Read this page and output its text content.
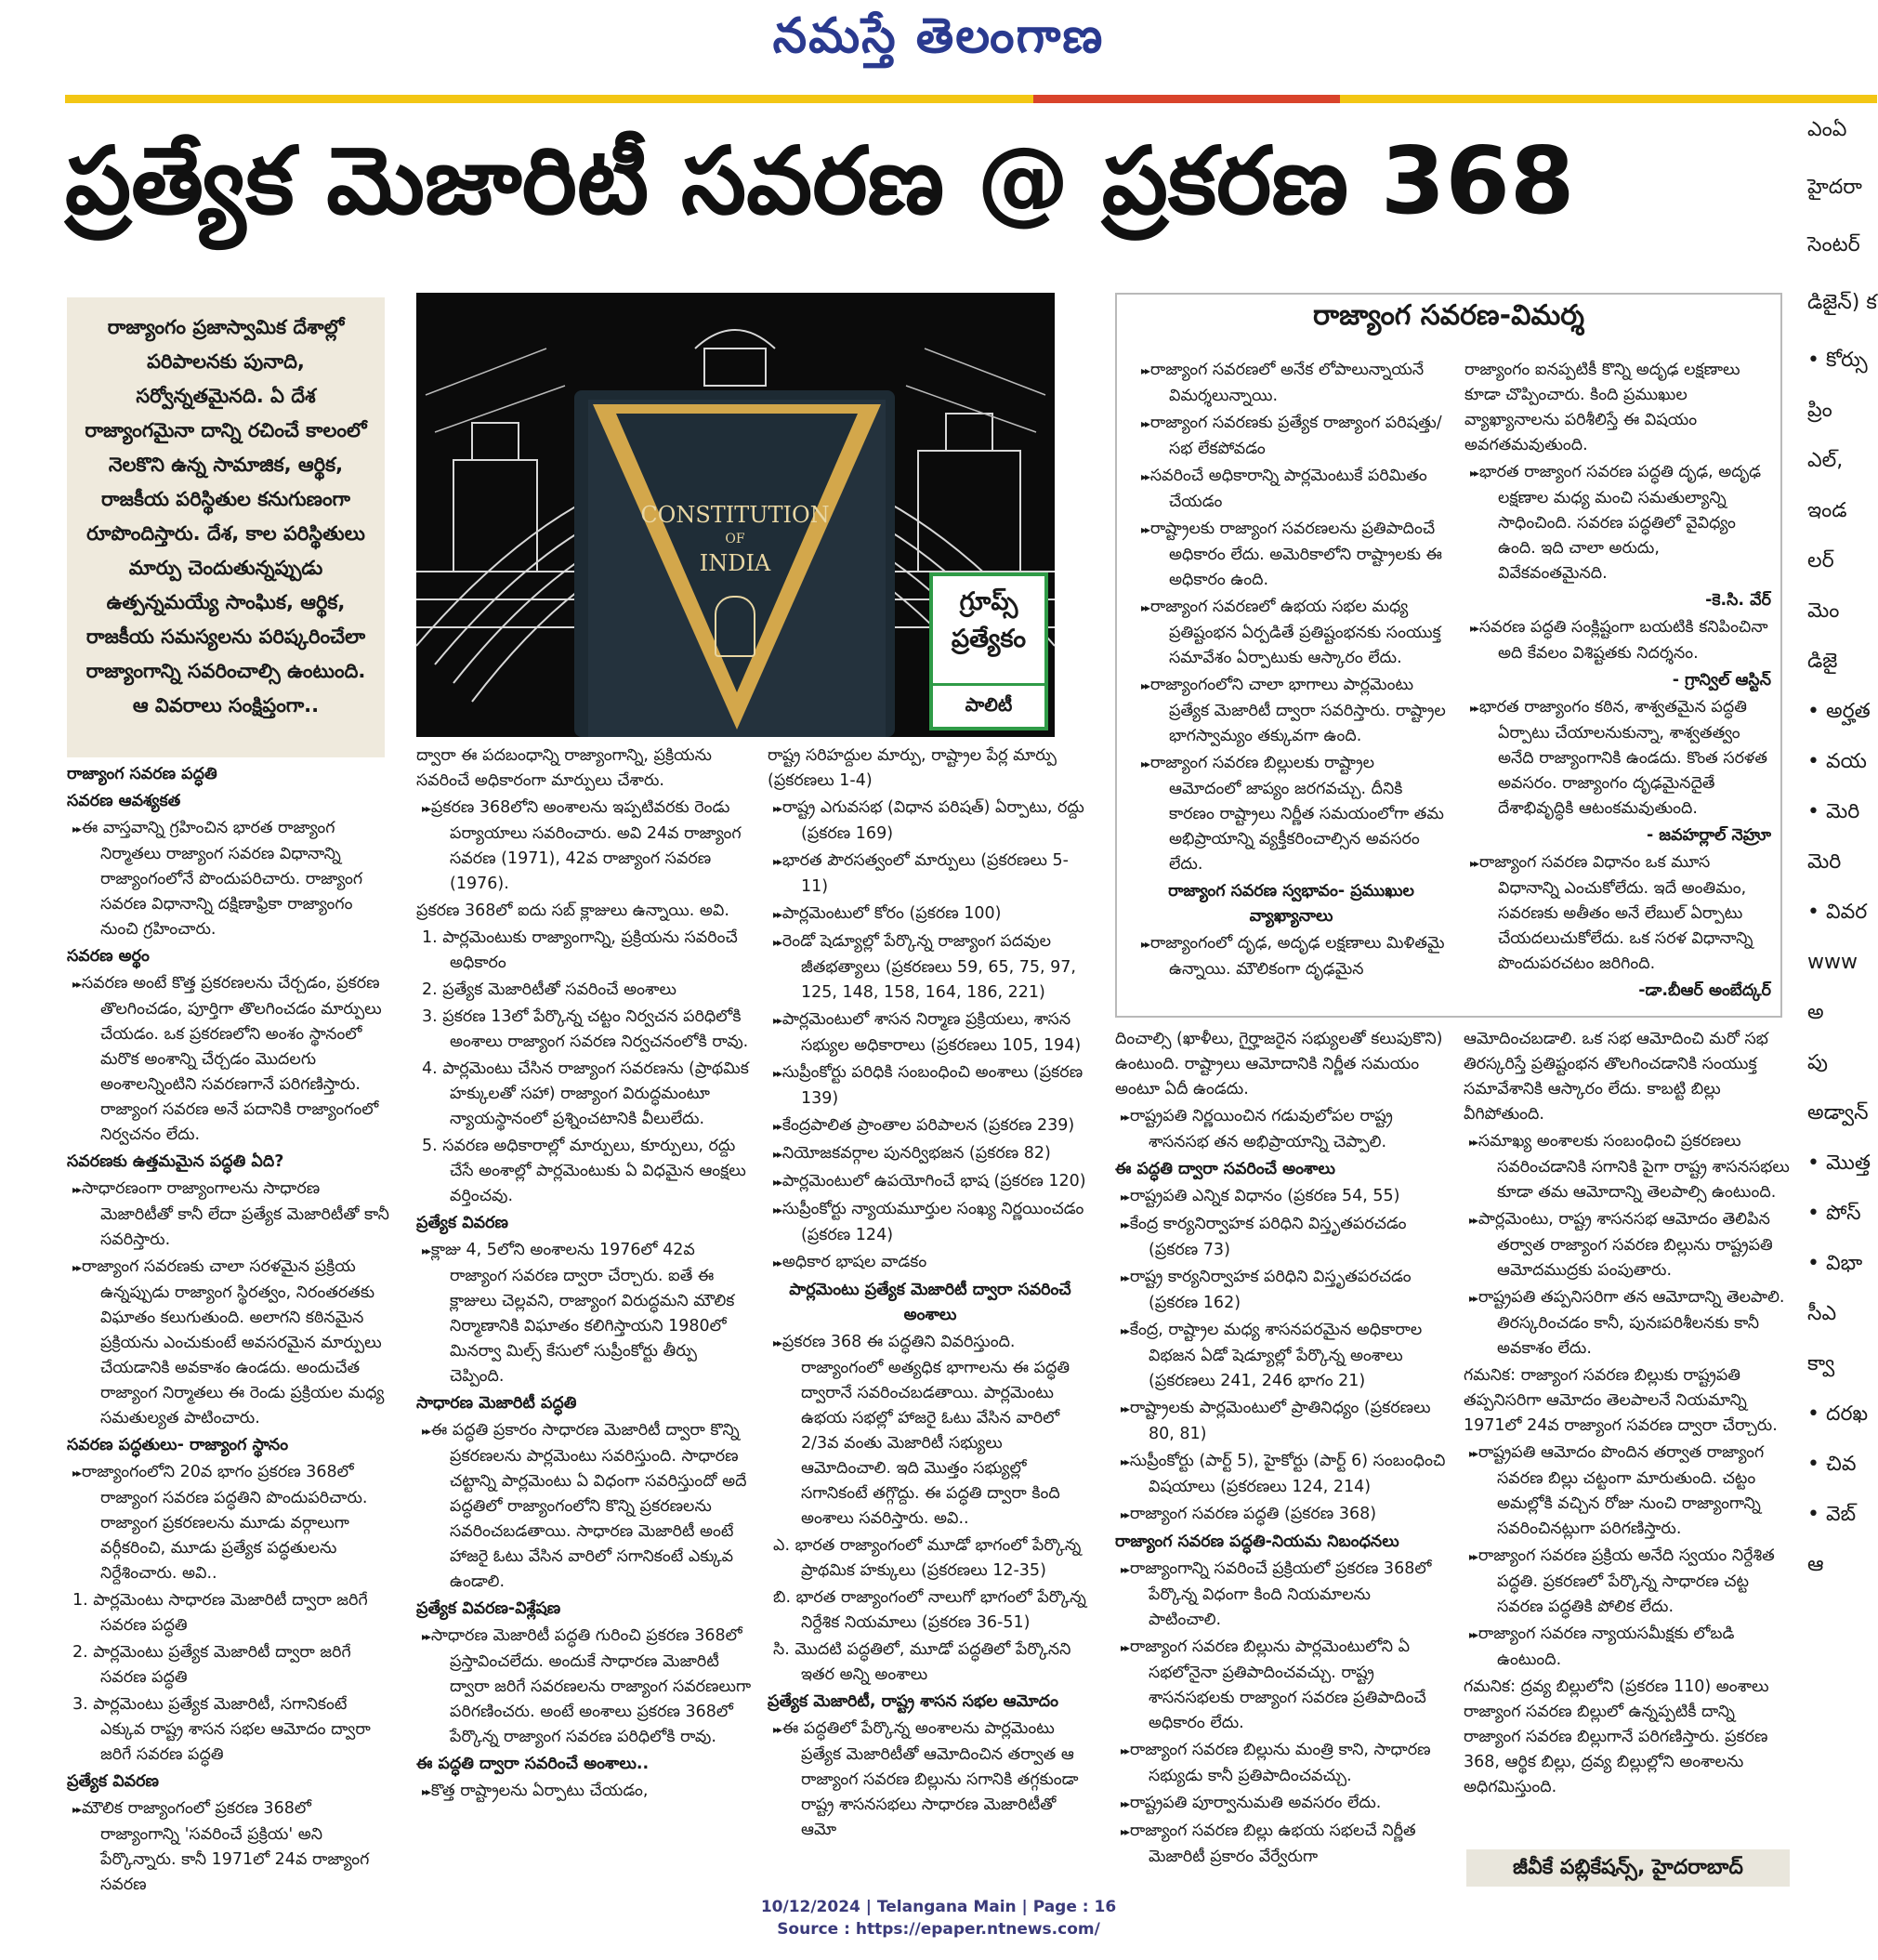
నమస్తే తెలంగాణ
ప్రత్యేక మెజారిటీ సవరణ @ ప్రకరణ 368
రాజ్యాంగం ప్రజాస్వామిక దేశాల్లో పరిపాలనకు పునాది, సర్వోన్నతమైనది. ఏ దేశ రాజ్యాంగమైనా దాన్ని రచించే కాలంలో నెలకొని ఉన్న సామాజిక, ఆర్థిక, రాజకీయ పరిస్థితుల కనుగుణంగా రూపొందిస్తారు. దేశ, కాల పరిస్థితులు మార్పు చెందుతున్నప్పుడు ఉత్పన్నమయ్యే సాంఘిక, ఆర్థిక, రాజకీయ సమస్యలను పరిష్కరించేలా రాజ్యాంగాన్ని సవరించాల్సి ఉంటుంది. ఆ వివరాలు సంక్షిప్తంగా..
CONSTITUTION
OF
INDIA
గ్రూప్స్ ప్రత్యేకం
పాలిటీ

రాజ్యాంగ సవరణ పద్ధతి

సవరణ ఆవశ్యకత

▸▸ ఈ వాస్తవాన్ని గ్రహించిన భారత రాజ్యాంగ నిర్మాతలు రాజ్యాంగ సవరణ విధానాన్ని రాజ్యాంగంలోనే పొందుపరిచారు. రాజ్యాంగ సవరణ విధానాన్ని దక్షిణాఫ్రికా రాజ్యాంగం నుంచి గ్రహించారు.

సవరణ అర్థం

▸▸ సవరణ అంటే కొత్త ప్రకరణలను చేర్చడం, ప్రకరణ తొలగించడం, పూర్తిగా తొలగించడం మార్పులు చేయడం. ఒక ప్రకరణలోని అంశం స్థానంలో మరొక అంశాన్ని చేర్చడం మొదలగు అంశాలన్నింటిని సవరణగానే పరిగణిస్తారు. రాజ్యాంగ సవరణ అనే పదానికి రాజ్యాంగంలో నిర్వచనం లేదు.

సవరణకు ఉత్తమమైన పద్ధతి ఏది?

▸▸ సాధారణంగా రాజ్యాంగాలను సాధారణ మెజారిటీతో కానీ లేదా ప్రత్యేక మెజారిటీతో కానీ సవరిస్తారు.

▸▸ రాజ్యాంగ సవరణకు చాలా సరళమైన ప్రక్రియ ఉన్నప్పుడు రాజ్యాంగ స్థిరత్వం, నిరంతరతకు విఘాతం కలుగుతుంది. అలాగని కఠినమైన ప్రక్రియను ఎంచుకుంటే అవసరమైన మార్పులు చేయడానికి అవకాశం ఉండదు. అందుచేత రాజ్యాంగ నిర్మాతలు ఈ రెండు ప్రక్రియల మధ్య సమతుల్యత పాటించారు.

సవరణ పద్ధతులు- రాజ్యాంగ స్థానం

▸▸ రాజ్యాంగంలోని 20వ భాగం ప్రకరణ 368లో రాజ్యాంగ సవరణ పద్ధతిని పొందుపరిచారు. రాజ్యాంగ ప్రకరణలను మూడు వర్గాలుగా వర్గీకరించి, మూడు ప్రత్యేక పద్ధతులను నిర్దేశించారు. అవి..

1. పార్లమెంటు సాధారణ మెజారిటీ ద్వారా జరిగే సవరణ పద్ధతి

2. పార్లమెంటు ప్రత్యేక మెజారిటీ ద్వారా జరిగే సవరణ పద్ధతి

3. పార్లమెంటు ప్రత్యేక మెజారిటీ, సగానికంటే ఎక్కువ రాష్ట్ర శాసన సభల ఆమోదం ద్వారా జరిగే సవరణ పద్ధతి

ప్రత్యేక వివరణ

▸▸ మౌలిక రాజ్యాంగంలో ప్రకరణ 368లో రాజ్యాంగాన్ని 'సవరించే ప్రక్రియ' అని పేర్కొన్నారు. కానీ 1971లో 24వ రాజ్యాంగ సవరణ

ద్వారా ఈ పదబంధాన్ని రాజ్యాంగాన్ని, ప్రక్రియను సవరించే అధికారంగా మార్పులు చేశారు.

▸▸ ప్రకరణ 368లోని అంశాలను ఇప్పటివరకు రెండు పర్యాయాలు సవరించారు. అవి 24వ రాజ్యాంగ సవరణ (1971), 42వ రాజ్యాంగ సవరణ (1976).

ప్రకరణ 368లో ఐదు సబ్ క్లాజులు ఉన్నాయి. అవి.

1. పార్లమెంటుకు రాజ్యాంగాన్ని, ప్రక్రియను సవరించే అధికారం

2. ప్రత్యేక మెజారిటీతో సవరించే అంశాలు

3. ప్రకరణ 13లో పేర్కొన్న చట్టం నిర్వచన పరిధిలోకి అంశాలు రాజ్యాంగ సవరణ నిర్వచనంలోకి రావు.

4. పార్లమెంటు చేసిన రాజ్యాంగ సవరణను (ప్రాథమిక హక్కులతో సహా) రాజ్యాంగ విరుద్ధమంటూ న్యాయస్థానంలో ప్రశ్నించటానికి వీలులేదు.

5. సవరణ అధికారాల్లో మార్పులు, కూర్పులు, రద్దు చేసే అంశాల్లో పార్లమెంటుకు ఏ విధమైన ఆంక్షలు వర్తించవు.

ప్రత్యేక వివరణ

▸▸ క్లాజు 4, 5లోని అంశాలను 1976లో 42వ రాజ్యాంగ సవరణ ద్వారా చేర్చారు. ఐతే ఈ క్లాజులు చెల్లవని, రాజ్యాంగ విరుద్ధమని మౌలిక నిర్మాణానికి విఘాతం కలిగిస్తాయని 1980లో మినర్వా మిల్స్ కేసులో సుప్రీంకోర్టు తీర్పు చెప్పింది.

సాధారణ మెజారిటీ పద్ధతి

▸▸ ఈ పద్ధతి ప్రకారం సాధారణ మెజారిటీ ద్వారా కొన్ని ప్రకరణలను పార్లమెంటు సవరిస్తుంది. సాధారణ చట్టాన్ని పార్లమెంటు ఏ విధంగా సవరిస్తుందో అదే పద్ధతిలో రాజ్యాంగంలోని కొన్ని ప్రకరణలను సవరించబడతాయి. సాధారణ మెజారిటీ అంటే హాజరై ఓటు వేసిన వారిలో సగానికంటే ఎక్కువ ఉండాలి.

ప్రత్యేక వివరణ-విశ్లేషణ

▸▸ సాధారణ మెజారిటీ పద్ధతి గురించి ప్రకరణ 368లో ప్రస్తావించలేదు. అందుకే సాధారణ మెజారిటీ ద్వారా జరిగే సవరణలను రాజ్యాంగ సవరణలుగా పరిగణించరు. అంటే అంశాలు ప్రకరణ 368లో పేర్కొన్న రాజ్యాంగ సవరణ పరిధిలోకి రావు.

ఈ పద్ధతి ద్వారా సవరించే అంశాలు..

▸▸ కొత్త రాష్ట్రాలను ఏర్పాటు చేయడం,

రాష్ట్ర సరిహద్దుల మార్పు, రాష్ట్రాల పేర్ల మార్పు (ప్రకరణలు 1-4)

▸▸ రాష్ట్ర ఎగువసభ (విధాన పరిషత్) ఏర్పాటు, రద్దు (ప్రకరణ 169)

▸▸ భారత పౌరసత్వంలో మార్పులు (ప్రకరణలు 5-11)

▸▸ పార్లమెంటులో కోరం (ప్రకరణ 100)

▸▸ రెండో షెడ్యూల్లో పేర్కొన్న రాజ్యాంగ పదవుల జీతభత్యాలు (ప్రకరణలు 59, 65, 75, 97, 125, 148, 158, 164, 186, 221)

▸▸ పార్లమెంటులో శాసన నిర్మాణ ప్రక్రియలు, శాసన సభ్యుల అధికారాలు (ప్రకరణలు 105, 194)

▸▸ సుప్రీంకోర్టు పరిధికి సంబంధించి అంశాలు (ప్రకరణ 139)

▸▸ కేంద్రపాలిత ప్రాంతాల పరిపాలన (ప్రకరణ 239)

▸▸ నియోజకవర్గాల పునర్విభజన (ప్రకరణ 82)

▸▸ పార్లమెంటులో ఉపయోగించే భాష (ప్రకరణ 120)

▸▸ సుప్రీంకోర్టు న్యాయమూర్తుల సంఖ్య నిర్ణయించడం (ప్రకరణ 124)

▸▸ అధికార భాషల వాడకం

పార్లమెంటు ప్రత్యేక మెజారిటీ ద్వారా సవరించే అంశాలు

▸▸ ప్రకరణ 368 ఈ పద్ధతిని వివరిస్తుంది. రాజ్యాంగంలో అత్యధిక భాగాలను ఈ పద్ధతి ద్వారానే సవరించబడతాయి. పార్లమెంటు ఉభయ సభల్లో హాజరై ఓటు వేసిన వారిలో 2/3వ వంతు మెజారిటీ సభ్యులు ఆమోదించాలి. ఇది మొత్తం సభ్యుల్లో సగానికంటే తగ్గొద్దు. ఈ పద్ధతి ద్వారా కింది అంశాలు సవరిస్తారు. అవి..

ఎ. భారత రాజ్యాంగంలో మూడో భాగంలో పేర్కొన్న ప్రాథమిక హక్కులు (ప్రకరణలు 12-35)

బి. భారత రాజ్యాంగంలో నాలుగో భాగంలో పేర్కొన్న నిర్దేశిక నియమాలు (ప్రకరణ 36-51)

సి. మొదటి పద్ధతిలో, మూడో పద్ధతిలో పేర్కొనని ఇతర అన్ని అంశాలు

ప్రత్యేక మెజారిటీ, రాష్ట్ర శాసన సభల ఆమోదం

▸▸ ఈ పద్ధతిలో పేర్కొన్న అంశాలను పార్లమెంటు ప్రత్యేక మెజారిటీతో ఆమోదించిన తర్వాత ఆ రాజ్యాంగ సవరణ బిల్లును సగానికి తగ్గకుండా రాష్ట్ర శాసనసభలు సాధారణ మెజారిటీతో ఆమో

రాజ్యాంగ సవరణ-విమర్శ

▸▸ రాజ్యాంగ సవరణలో అనేక లోపాలున్నాయనే విమర్శలున్నాయి.

▸▸ రాజ్యాంగ సవరణకు ప్రత్యేక రాజ్యాంగ పరిషత్తు/సభ లేకపోవడం

▸▸ సవరించే అధికారాన్ని పార్లమెంటుకే పరిమితం చేయడం

▸▸ రాష్ట్రాలకు రాజ్యాంగ సవరణలను ప్రతిపాదించే అధికారం లేదు. అమెరికాలోని రాష్ట్రాలకు ఈ అధికారం ఉంది.

▸▸ రాజ్యాంగ సవరణలో ఉభయ సభల మధ్య ప్రతిష్టంభన ఏర్పడితే ప్రతిష్టంభనకు సంయుక్త సమావేశం ఏర్పాటుకు ఆస్కారం లేదు.

▸▸ రాజ్యాంగంలోని చాలా భాగాలు పార్లమెంటు ప్రత్యేక మెజారిటీ ద్వారా సవరిస్తారు. రాష్ట్రాల భాగస్వామ్యం తక్కువగా ఉంది.

▸▸ రాజ్యాంగ సవరణ బిల్లులకు రాష్ట్రాల ఆమోదంలో జాప్యం జరగవచ్చు. దీనికి కారణం రాష్ట్రాలు నిర్ణీత సమయంలోగా తమ అభిప్రాయాన్ని వ్యక్తీకరించాల్సిన అవసరం లేదు.

రాజ్యాంగ సవరణ స్వభావం- ప్రముఖుల వ్యాఖ్యానాలు

▸▸ రాజ్యాంగంలో దృఢ, అదృఢ లక్షణాలు మిళితమై ఉన్నాయి. మౌలికంగా దృఢమైన

రాజ్యాంగం ఐనప్పటికీ కొన్ని అదృఢ లక్షణాలు కూడా చొప్పించారు. కింది ప్రముఖుల వ్యాఖ్యానాలను పరిశీలిస్తే ఈ విషయం అవగతమవుతుంది.

▸▸ భారత రాజ్యాంగ సవరణ పద్ధతి దృఢ, అదృఢ లక్షణాల మధ్య మంచి సమతుల్యాన్ని సాధించింది. సవరణ పద్ధతిలో వైవిధ్యం ఉంది. ఇది చాలా అరుదు, వివేకవంతమైనది.

-కె.సి. వేర్

▸▸ సవరణ పద్ధతి సంక్లిష్టంగా బయటికి కనిపించినా అది కేవలం విశిష్టతకు నిదర్శనం.

- గ్రాన్విల్ ఆస్టిన్

▸▸ భారత రాజ్యాంగం కఠిన, శాశ్వతమైన పద్ధతి ఏర్పాటు చేయాలనుకున్నా, శాశ్వతత్వం అనేది రాజ్యాంగానికి ఉండదు. కొంత సరళత అవసరం. రాజ్యాంగం దృఢమైనదైతే దేశాభివృద్ధికి ఆటంకమవుతుంది.

- జవహర్లాల్ నెహ్రూ

▸▸ రాజ్యాంగ సవరణ విధానం ఒక మూస విధానాన్ని ఎంచుకోలేదు. ఇదే అంతిమం, సవరణకు అతీతం అనే లేబుల్ ఏర్పాటు చేయదలుచుకోలేదు. ఒక సరళ విధానాన్ని పొందుపరచటం జరిగింది.

-డా.బీఆర్ అంబేద్కర్

దించాల్సి (ఖాళీలు, గైర్హాజరైన సభ్యులతో కలుపుకొని) ఉంటుంది. రాష్ట్రాలు ఆమోదానికి నిర్ణీత సమయం అంటూ ఏదీ ఉండదు.

▸▸ రాష్ట్రపతి నిర్ణయించిన గడువులోపల రాష్ట్ర శాసనసభ తన అభిప్రాయాన్ని చెప్పాలి.

ఈ పద్ధతి ద్వారా సవరించే అంశాలు

▸▸ రాష్ట్రపతి ఎన్నిక విధానం (ప్రకరణ 54, 55)

▸▸ కేంద్ర కార్యనిర్వాహక పరిధిని విస్తృతపరచడం (ప్రకరణ 73)

▸▸ రాష్ట్ర కార్యనిర్వాహక పరిధిని విస్తృతపరచడం (ప్రకరణ 162)

▸▸ కేంద్ర, రాష్ట్రాల మధ్య శాసనపరమైన అధికారాల విభజన ఏడో షెడ్యూల్లో పేర్కొన్న అంశాలు (ప్రకరణలు 241, 246 భాగం 21)

▸▸ రాష్ట్రాలకు పార్లమెంటులో ప్రాతినిధ్యం (ప్రకరణలు 80, 81)

▸▸ సుప్రీంకోర్టు (పార్ట్ 5), హైకోర్టు (పార్ట్ 6) సంబంధించి విషయాలు (ప్రకరణలు 124, 214)

▸▸ రాజ్యాంగ సవరణ పద్ధతి (ప్రకరణ 368)

రాజ్యాంగ సవరణ పద్ధతి-నియమ నిబంధనలు

▸▸ రాజ్యాంగాన్ని సవరించే ప్రక్రియలో ప్రకరణ 368లో పేర్కొన్న విధంగా కింది నియమాలను పాటించాలి.

▸▸ రాజ్యాంగ సవరణ బిల్లును పార్లమెంటులోని ఏ సభలోనైనా ప్రతిపాదించవచ్చు. రాష్ట్ర శాసనసభలకు రాజ్యాంగ సవరణ ప్రతిపాదించే అధికారం లేదు.

▸▸ రాజ్యాంగ సవరణ బిల్లును మంత్రి కాని, సాధారణ సభ్యుడు కానీ ప్రతిపాదించవచ్చు.

▸▸ రాష్ట్రపతి పూర్వానుమతి అవసరం లేదు.

▸▸ రాజ్యాంగ సవరణ బిల్లు ఉభయ సభలచే నిర్ణీత మెజారిటీ ప్రకారం వేర్వేరుగా

ఆమోదించబడాలి. ఒక సభ ఆమోదించి మరో సభ తిరస్కరిస్తే ప్రతిష్టంభన తొలగించడానికి సంయుక్త సమావేశానికి ఆస్కారం లేదు. కాబట్టి బిల్లు వీగిపోతుంది.

▸▸ సమాఖ్య అంశాలకు సంబంధించి ప్రకరణలు సవరించడానికి సగానికి పైగా రాష్ట్ర శాసనసభలు కూడా తమ ఆమోదాన్ని తెలపాల్సి ఉంటుంది.

▸▸ పార్లమెంటు, రాష్ట్ర శాసనసభ ఆమోదం తెలిపిన తర్వాత రాజ్యాంగ సవరణ బిల్లును రాష్ట్రపతి ఆమోదముద్రకు పంపుతారు.

▸▸ రాష్ట్రపతి తప్పనిసరిగా తన ఆమోదాన్ని తెలపాలి. తిరస్కరించడం కానీ, పునఃపరిశీలనకు కానీ అవకాశం లేదు.

గమనిక: రాజ్యాంగ సవరణ బిల్లుకు రాష్ట్రపతి తప్పనిసరిగా ఆమోదం తెలపాలనే నియమాన్ని 1971లో 24వ రాజ్యాంగ సవరణ ద్వారా చేర్చారు.

▸▸ రాష్ట్రపతి ఆమోదం పొందిన తర్వాత రాజ్యాంగ సవరణ బిల్లు చట్టంగా మారుతుంది. చట్టం అమల్లోకి వచ్చిన రోజు నుంచి రాజ్యాంగాన్ని సవరించినట్లుగా పరిగణిస్తారు.

▸▸ రాజ్యాంగ సవరణ ప్రక్రియ అనేది స్వయం నిర్దేశిత పద్ధతి. ప్రకరణలో పేర్కొన్న సాధారణ చట్ట సవరణ పద్ధతికి పోలిక లేదు.

▸▸ రాజ్యాంగ సవరణ న్యాయసమీక్షకు లోబడి ఉంటుంది.

గమనిక: ద్రవ్య బిల్లులోని (ప్రకరణ 110) అంశాలు రాజ్యాంగ సవరణ బిల్లులో ఉన్నప్పటికీ దాన్ని రాజ్యాంగ సవరణ బిల్లుగానే పరిగణిస్తారు. ప్రకరణ 368, ఆర్థిక బిల్లు, ద్రవ్య బిల్లుల్లోని అంశాలను అధిగమిస్తుంది.

జీవీకే పబ్లికేషన్స్, హైదరాబాద్
ఎంఏ
హైదరా
సెంటర్
డిజైన్) క
• కోర్సు
ప్రిం
ఎల్,
ఇండ
లర్
మెం
డిజై
• అర్హత
• వయ
• మెరి
మెరి
• వివర
www
అ
పు
అడ్వాన్
• మొత్త
• పోస్
• విభా
సీఎ
క్వా
• దరఖ
• చివ
• వెబ్
ఆ
10/12/2024 | Telangana Main | Page : 16
Source : https://epaper.ntnews.com/
